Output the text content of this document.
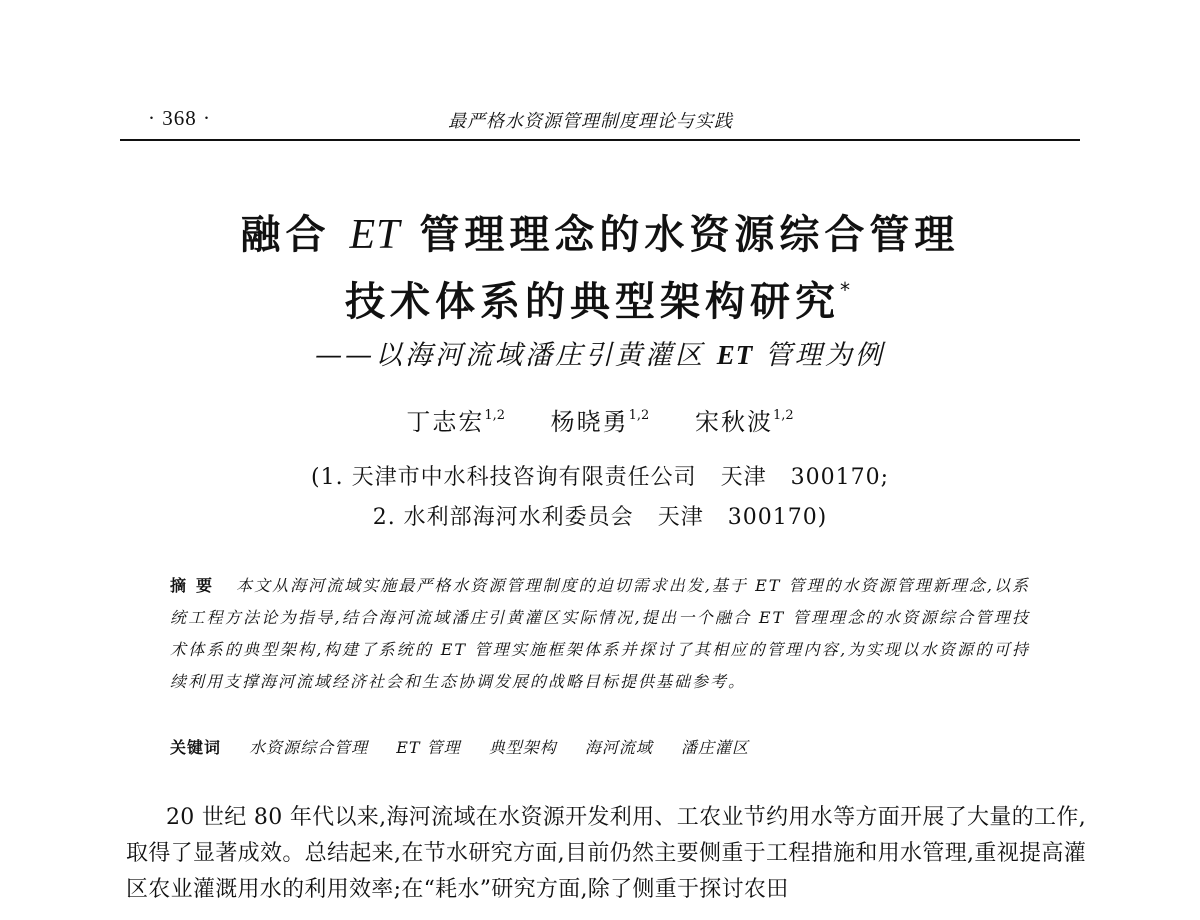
· 368 ·	最严格水资源管理制度理论与实践
融合 ET 管理理念的水资源综合管理
技术体系的典型架构研究*
——以海河流域潘庄引黄灌区 ET 管理为例
丁志宏$^{1,2}$ 杨晓勇$^{1,2}$ 宋秋波$^{1,2}$
(1. 天津市中水科技咨询有限责任公司 天津 300170;
2. 水利部海河水利委员会 天津 300170)
摘要 本文从海河流域实施最严格水资源管理制度的迫切需求出发,基于 ET 管理的水资源管理新理念,以系统工程方法论为指导,结合海河流域潘庄引黄灌区实际情况,提出一个融合 ET 管理理念的水资源综合管理技术体系的典型架构,构建了系统的 ET 管理实施框架体系并探讨了其相应的管理内容,为实现以水资源的可持续利用支撑海河流域经济社会和生态协调发展的战略目标提供基础参考。
关键词 水资源综合管理 ET 管理 典型架构 海河流域 潘庄灌区
20 世纪 80 年代以来,海河流域在水资源开发利用、工农业节约用水等方面开展了大量的工作,取得了显著成效。总结起来,在节水研究方面,目前仍然主要侧重于工程措施和用水管理,重视提高灌区农业灌溉用水的利用效率;在“耗水”研究方面,除了侧重于探讨农田
